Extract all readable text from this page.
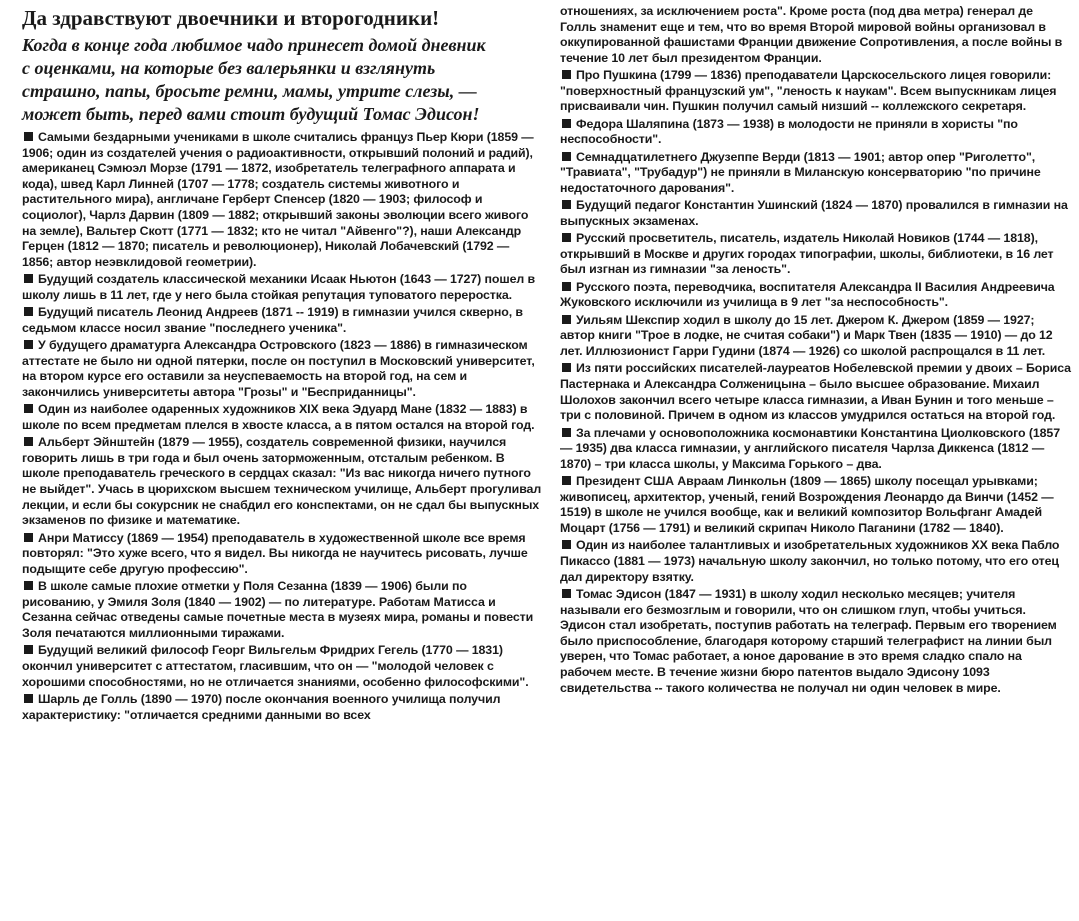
Да здравствуют двоечники и второгодники!
Когда в конце года любимое чадо принесет домой дневник с оценками, на которые без валерьянки и взглянуть страшно, папы, бросьте ремни, мамы, утрите слезы, — может быть, перед вами стоит будущий Томас Эдисон!
Самыми бездарными учениками в школе считались француз Пьер Кюри (1859 — 1906; один из создателей учения о радиоактивности, открывший полоний и радий), американец Сэмюэл Морзе (1791 — 1872, изобретатель телеграфного аппарата и кода), швед Карл Линней (1707 — 1778; создатель системы животного и растительного мира), англичане Герберт Спенсер (1820 — 1903; философ и социолог), Чарлз Дарвин (1809 — 1882; открывший законы эволюции всего живого на земле), Вальтер Скотт (1771 — 1832; кто не читал "Айвенго"?), наши Александр Герцен (1812 — 1870; писатель и революционер), Николай Лобачевский (1792 — 1856; автор неэвклидовой геометрии).
Будущий создатель классической механики Исаак Ньютон (1643 — 1727) пошел в школу лишь в 11 лет, где у него была стойкая репутация туповатого переростка.
Будущий писатель Леонид Андреев (1871 -- 1919) в гимназии учился скверно, в седьмом классе носил звание "последнего ученика".
У будущего драматурга Александра Островского (1823 — 1886) в гимназическом аттестате не было ни одной пятерки, после он поступил в Московский университет, на втором курсе его оставили за неуспеваемость на второй год, на сем и закончились университеты автора "Грозы" и "Бесприданницы".
Один из наиболее одаренных художников XIX века Эдуард Мане (1832 — 1883) в школе по всем предметам плелся в хвосте класса, а в пятом остался на второй год.
Альберт Эйнштейн (1879 — 1955), создатель современной физики, научился говорить лишь в три года и был очень заторможенным, отсталым ребенком. В школе преподаватель греческого в сердцах сказал: "Из вас никогда ничего путного не выйдет". Учась в цюрихском высшем техническом училище, Альберт прогуливал лекции, и если бы сокурсник не снабдил его конспектами, он не сдал бы выпускных экзаменов по физике и математике.
Анри Матиссу (1869 — 1954) преподаватель в художественной школе все время повторял: "Это хуже всего, что я видел. Вы никогда не научитесь рисовать, лучше подыщите себе другую профессию".
В школе самые плохие отметки у Поля Сезанна (1839 — 1906) были по рисованию, у Эмиля Золя (1840 — 1902) — по литературе. Работам Матисса и Сезанна сейчас отведены самые почетные места в музеях мира, романы и повести Золя печатаются миллионными тиражами.
Будущий великий философ Георг Вильгельм Фридрих Гегель (1770 — 1831) окончил университет с аттестатом, гласившим, что он — "молодой человек с хорошими способностями, но не отличается знаниями, особенно философскими".
Шарль де Голль (1890 — 1970) после окончания военного училища получил характеристику: "отличается средними данными во всех
отношениях, за исключением роста". Кроме роста (под два метра) генерал де Голль знаменит еще и тем, что во время Второй мировой войны организовал в оккупированной фашистами Франции движение Сопротивления, а после войны в течение 10 лет был президентом Франции.
Про Пушкина (1799 — 1836) преподаватели Царскосельского лицея говорили: "поверхностный французский ум", "леность к наукам". Всем выпускникам лицея присваивали чин. Пушкин получил самый низший -- коллежского секретаря.
Федора Шаляпина (1873 — 1938) в молодости не приняли в хористы "по неспособности".
Семнадцатилетнего Джузеппе Верди (1813 — 1901; автор опер "Риголетто", "Травиата", "Трубадур") не приняли в Миланскую консерваторию "по причине недостаточного дарования".
Будущий педагог Константин Ушинский (1824 — 1870) провалился в гимназии на выпускных экзаменах.
Русский просветитель, писатель, издатель Николай Новиков (1744 — 1818), открывший в Москве и других городах типографии, школы, библиотеки, в 16 лет был изгнан из гимназии "за леность".
Русского поэта, переводчика, воспитателя Александра II Василия Андреевича Жуковского исключили из училища в 9 лет "за неспособность".
Уильям Шекспир ходил в школу до 15 лет. Джером К. Джером (1859 — 1927; автор книги "Трое в лодке, не считая собаки") и Марк Твен (1835 — 1910) — до 12 лет. Иллюзионист Гарри Гудини (1874 — 1926) со школой распрощался в 11 лет.
Из пяти российских писателей-лауреатов Нобелевской премии у двоих – Бориса Пастернака и Александра Солженицына – было высшее образование. Михаил Шолохов закончил всего четыре класса гимназии, а Иван Бунин и того меньше – три с половиной. Причем в одном из классов умудрился остаться на второй год.
За плечами у основоположника космонавтики Константина Циолковского (1857 — 1935) два класса гимназии, у английского писателя Чарлза Диккенса (1812 — 1870) – три класса школы, у Максима Горького – два.
Президент США Авраам Линкольн (1809 — 1865) школу посещал урывками; живописец, архитектор, ученый, гений Возрождения Леонардо да Винчи (1452 — 1519) в школе не учился вообще, как и великий композитор Вольфганг Амадей Моцарт (1756 — 1791) и великий скрипач Николо Паганини (1782 — 1840).
Один из наиболее талантливых и изобретательных художников XX века Пабло Пикассо (1881 — 1973) начальную школу закончил, но только потому, что его отец дал директору взятку.
Томас Эдисон (1847 — 1931) в школу ходил несколько месяцев; учителя называли его безмозглым и говорили, что он слишком глуп, чтобы учиться. Эдисон стал изобретать, поступив работать на телеграф. Первым его творением было приспособление, благодаря которому старший телеграфист на линии был уверен, что Томас работает, а юное дарование в это время сладко спало на рабочем месте. В течение жизни бюро патентов выдало Эдисону 1093 свидетельства -- такого количества не получал ни один человек в мире.
